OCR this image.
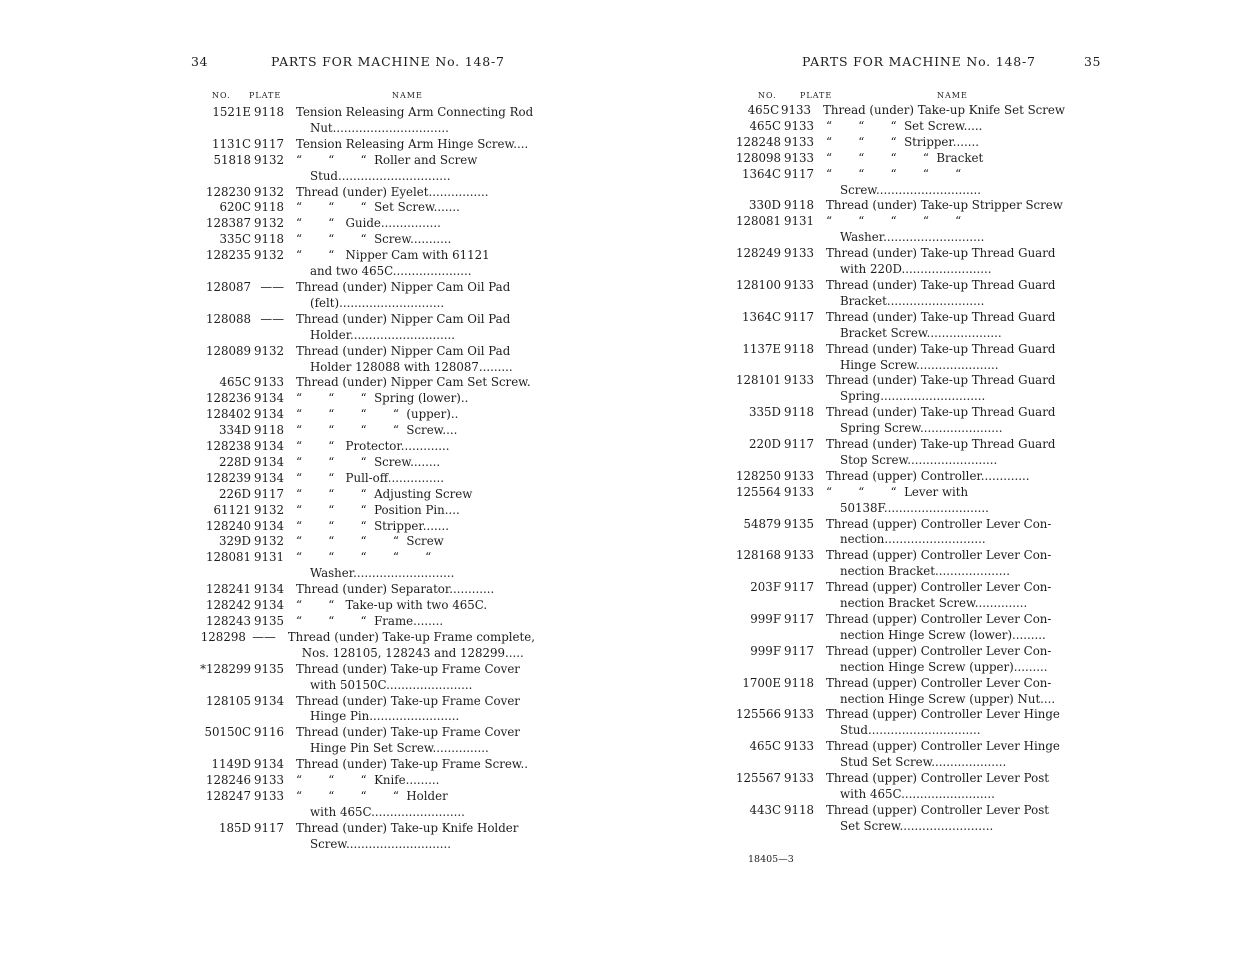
34	PARTS FOR MACHINE No. 148-7
NO. PLATE	NAME
1521E 9118 Tension Releasing Arm Connecting Rod
Nut...............................
1131C 9117 Tension Releasing Arm Hinge Screw....
51818 9132 “       “       “  Roller and Screw
Stud..............................
128230 9132 Thread (under) Eyelet................
620C 9118 “       “       “  Set Screw.......
128387 9132 “       “   Guide................
335C 9118 “       “       “  Screw...........
128235 9132 “       “   Nipper Cam with 61121
and two 465C.....................
128087 —— Thread (under) Nipper Cam Oil Pad
(felt)............................
128088 —— Thread (under) Nipper Cam Oil Pad
Holder............................
128089 9132 Thread (under) Nipper Cam Oil Pad
Holder 128088 with 128087.........
465C 9133 Thread (under) Nipper Cam Set Screw.
128236 9134 “       “       “  Spring (lower)..
128402 9134 “       “       “       “  (upper)..
334D 9118 “       “       “       “  Screw....
128238 9134 “       “   Protector.............
228D 9134 “       “       “  Screw........
128239 9134 “       “   Pull-off...............
226D 9117 “       “       “  Adjusting Screw
61121 9132 “       “       “  Position Pin....
128240 9134 “       “       “  Stripper.......
329D 9132 “       “       “       “  Screw
128081 9131 “       “       “       “       “
Washer...........................
128241 9134 Thread (under) Separator............
128242 9134 “       “   Take-up with two 465C.
128243 9135 “       “       “  Frame........
128298 —— Thread (under) Take-up Frame complete,
Nos. 128105, 128243 and 128299.....
*128299 9135 Thread (under) Take-up Frame Cover
with 50150C.......................
128105 9134 Thread (under) Take-up Frame Cover
Hinge Pin........................
50150C 9116 Thread (under) Take-up Frame Cover
Hinge Pin Set Screw...............
1149D 9134 Thread (under) Take-up Frame Screw..
128246 9133 “       “       “  Knife.........
128247 9133 “       “       “       “  Holder
with 465C.........................
185D 9117 Thread (under) Take-up Knife Holder
Screw............................
PARTS FOR MACHINE No. 148-7	35
NO.	PLATE	NAME
18405—3
465C 9133 Thread (under) Take-up Knife Set Screw
465C 9133 “       “       “  Set Screw.....
128248 9133 “       “       “  Stripper.......
128098 9133 “       “       “       “  Bracket
1364C 9117 “       “       “       “       “
Screw............................
330D 9118 Thread (under) Take-up Stripper Screw
128081 9131 “       “       “       “       “
Washer...........................
128249 9133 Thread (under) Take-up Thread Guard
with 220D........................
128100 9133 Thread (under) Take-up Thread Guard
Bracket..........................
1364C 9117 Thread (under) Take-up Thread Guard
Bracket Screw....................
1137E 9118 Thread (under) Take-up Thread Guard
Hinge Screw......................
128101 9133 Thread (under) Take-up Thread Guard
Spring............................
335D 9118 Thread (under) Take-up Thread Guard
Spring Screw......................
220D 9117 Thread (under) Take-up Thread Guard
Stop Screw........................
128250 9133 Thread (upper) Controller.............
125564 9133 “       “       “  Lever with
50138F............................
54879 9135 Thread (upper) Controller Lever Con-
nection...........................
128168 9133 Thread (upper) Controller Lever Con-
nection Bracket....................
203F 9117 Thread (upper) Controller Lever Con-
nection Bracket Screw..............
999F 9117 Thread (upper) Controller Lever Con-
nection Hinge Screw (lower).........
999F 9117 Thread (upper) Controller Lever Con-
nection Hinge Screw (upper).........
1700E 9118 Thread (upper) Controller Lever Con-
nection Hinge Screw (upper) Nut....
125566 9133 Thread (upper) Controller Lever Hinge
Stud..............................
465C 9133 Thread (upper) Controller Lever Hinge
Stud Set Screw....................
125567 9133 Thread (upper) Controller Lever Post
with 465C.........................
443C 9118 Thread (upper) Controller Lever Post
Set Screw.........................
